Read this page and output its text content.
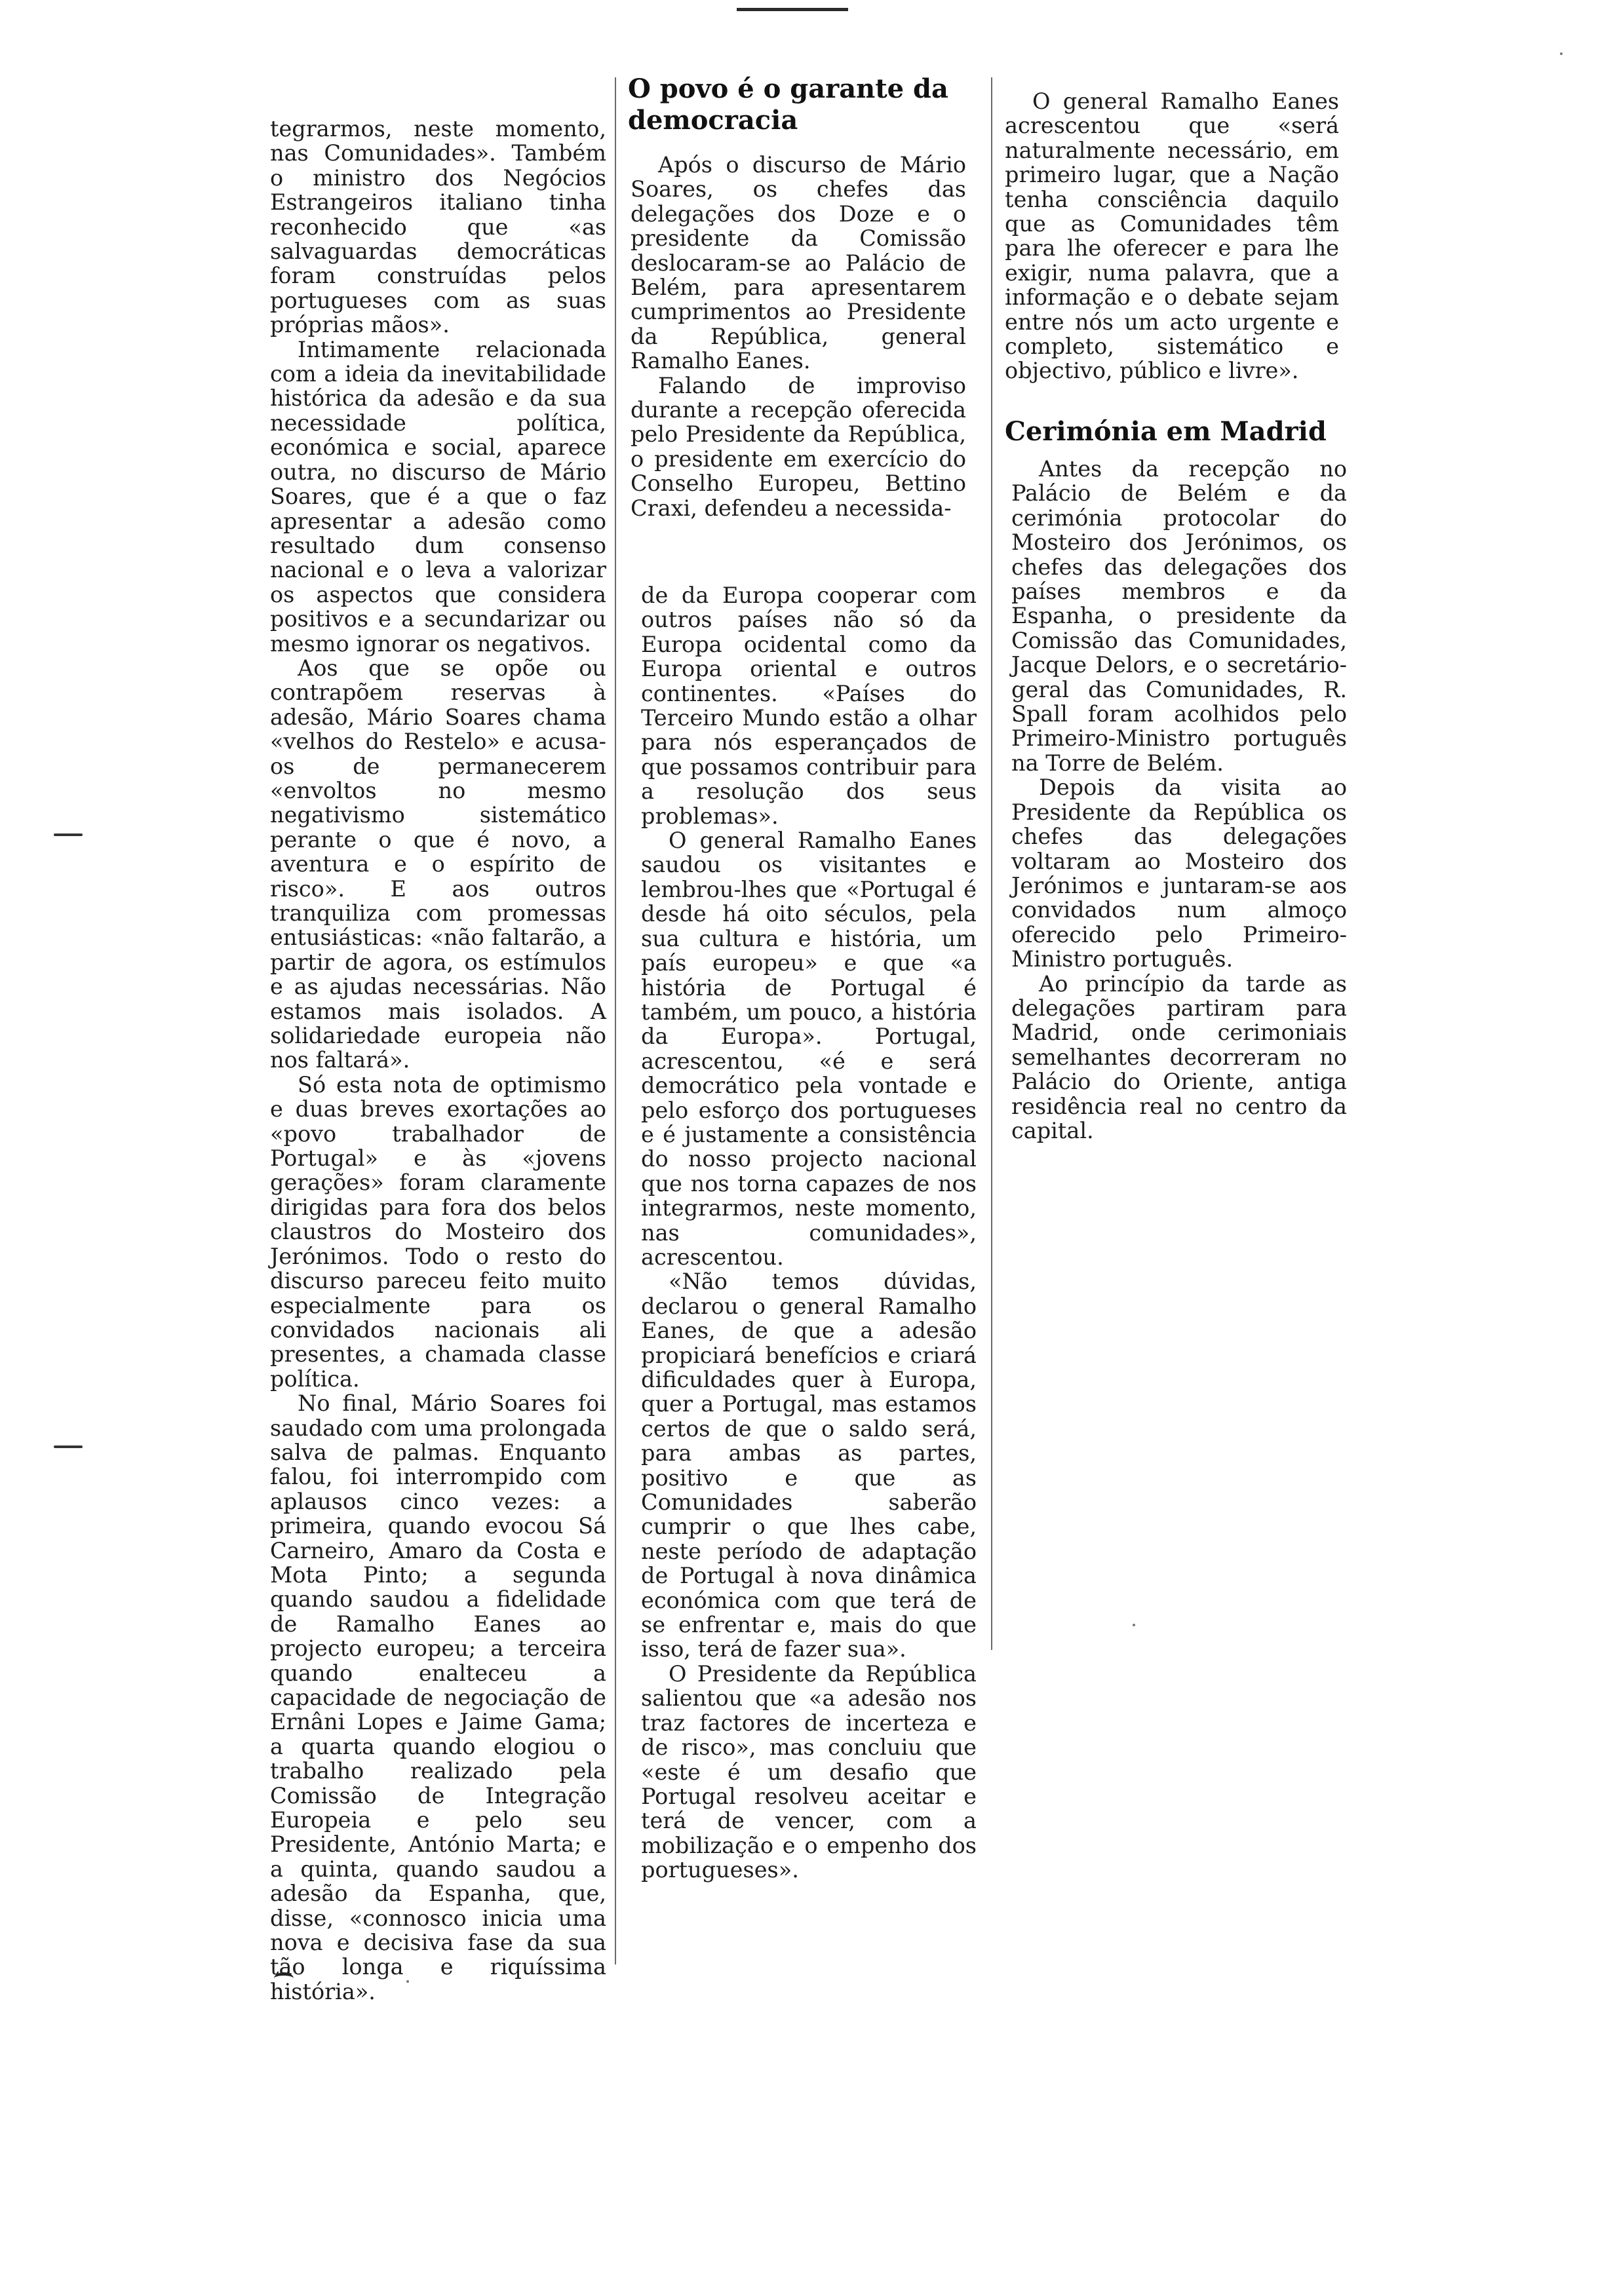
tegrarmos, neste momento, nas Comunidades». Também o ministro dos Negócios Estrangeiros italiano tinha reconhecido que «as salvaguardas democráticas foram construídas pelos portugueses com as suas próprias mãos».

Intimamente relacionada com a ideia da inevitabilidade histórica da adesão e da sua necessidade política, económica e social, aparece outra, no discurso de Mário Soares, que é a que o faz apresentar a adesão como resultado dum consenso nacional e o leva a valorizar os aspectos que considera positivos e a secundarizar ou mesmo ignorar os negativos.

Aos que se opõe ou contrapõem reservas à adesão, Mário Soares chama «velhos do Restelo» e acusa-os de permanecerem «envoltos no mesmo negativismo sistemático perante o que é novo, a aventura e o espírito de risco». E aos outros tranquiliza com promessas entusiásticas: «não faltarão, a partir de agora, os estímulos e as ajudas necessárias. Não estamos mais isolados. A solidariedade europeia não nos faltará».

Só esta nota de optimismo e duas breves exortações ao «povo trabalhador de Portugal» e às «jovens gerações» foram claramente dirigidas para fora dos belos claustros do Mosteiro dos Jerónimos. Todo o resto do discurso pareceu feito muito especialmente para os convidados nacionais ali presentes, a chamada classe política.

No final, Mário Soares foi saudado com uma prolongada salva de palmas. Enquanto falou, foi interrompido com aplausos cinco vezes: a primeira, quando evocou Sá Carneiro, Amaro da Costa e Mota Pinto; a segunda quando saudou a fidelidade de Ramalho Eanes ao projecto europeu; a terceira quando enalteceu a capacidade de negociação de Ernâni Lopes e Jaime Gama; a quarta quando elogiou o trabalho realizado pela Comissão de Integração Europeia e pelo seu Presidente, António Marta; e a quinta, quando saudou a adesão da Espanha, que, disse, «connosco inicia uma nova e decisiva fase da sua tão longa e riquíssima história».

O povo é o garante da democracia

Após o discurso de Mário Soares, os chefes das delegações dos Doze e o presidente da Comissão deslocaram-se ao Palácio de Belém, para apresentarem cumprimentos ao Presidente da República, general Ramalho Eanes.

Falando de improviso durante a recepção oferecida pelo Presidente da República, o presidente em exercício do Conselho Europeu, Bettino Craxi, defendeu a necessida-

de da Europa cooperar com outros países não só da Europa ocidental como da Europa oriental e outros continentes. «Países do Terceiro Mundo estão a olhar para nós esperançados de que possamos contribuir para a resolução dos seus problemas».

O general Ramalho Eanes saudou os visitantes e lembrou-lhes que «Portugal é desde há oito séculos, pela sua cultura e história, um país europeu» e que «a história de Portugal é também, um pouco, a história da Europa». Portugal, acrescentou, «é e será democrático pela vontade e pelo esforço dos portugueses e é justamente a consistência do nosso projecto nacional que nos torna capazes de nos integrarmos, neste momento, nas comunidades», acrescentou.

«Não temos dúvidas, declarou o general Ramalho Eanes, de que a adesão propiciará benefícios e criará dificuldades quer à Europa, quer a Portugal, mas estamos certos de que o saldo será, para ambas as partes, positivo e que as Comunidades saberão cumprir o que lhes cabe, neste período de adaptação de Portugal à nova dinâmica económica com que terá de se enfrentar e, mais do que isso, terá de fazer sua».

O Presidente da República salientou que «a adesão nos traz factores de incerteza e de risco», mas concluiu que «este é um desafio que Portugal resolveu aceitar e terá de vencer, com a mobilização e o empenho dos portugueses».

O general Ramalho Eanes acrescentou que «será naturalmente necessário, em primeiro lugar, que a Nação tenha consciência daquilo que as Comunidades têm para lhe oferecer e para lhe exigir, numa palavra, que a informação e o debate sejam entre nós um acto urgente e completo, sistemático e objectivo, público e livre».

Cerimónia em Madrid

Antes da recepção no Palácio de Belém e da cerimónia protocolar do Mosteiro dos Jerónimos, os chefes das delegações dos países membros e da Espanha, o presidente da Comissão das Comunidades, Jacque Delors, e o secretário-geral das Comunidades, R. Spall foram acolhidos pelo Primeiro-Ministro português na Torre de Belém.

Depois da visita ao Presidente da República os chefes das delegações voltaram ao Mosteiro dos Jerónimos e juntaram-se aos convidados num almoço oferecido pelo Primeiro-Ministro português.

Ao princípio da tarde as delegações partiram para Madrid, onde cerimoniais semelhantes decorreram no Palácio do Oriente, antiga residência real no centro da capital.
